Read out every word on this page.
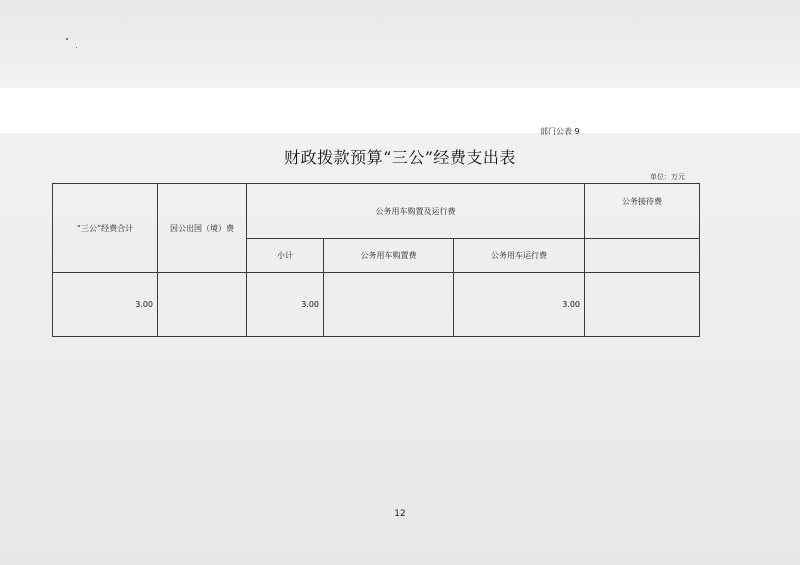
部门公表 9
财政拨款预算“三公”经费支出表
单位：万元
“三公”经费合计	因公出国（境）费	公务用车购置及运行费			公务接待费
		小计	公务用车购置费	公务用车运行费	
3.00		3.00		3.00	
12
